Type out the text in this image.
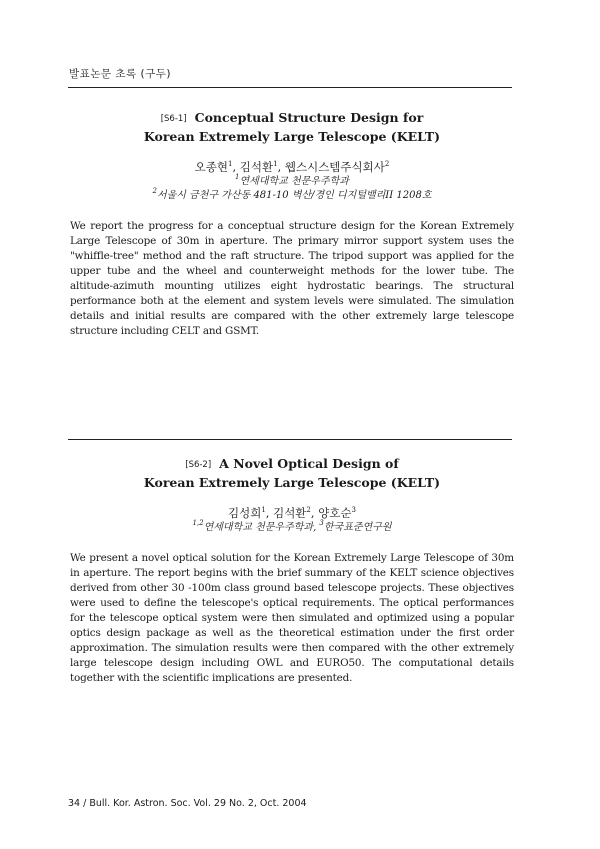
발표논문 초록 (구두)
[S6-1] Conceptual Structure Design for
Korean Extremely Large Telescope (KELT)
오종현$^1$, 김석환$^1$, 웹스시스템주식회사$^2$
$^1$연세대학교 천문우주학과
$^2$서울시 금천구 가산동 481-10 벽산/경인 디지털밸리II 1208호
We report the progress for a conceptual structure design for the Korean Extremely Large Telescope of 30m in aperture. The primary mirror support system uses the "whiffle-tree" method and the raft structure. The tripod support was applied for the upper tube and the wheel and counterweight methods for the lower tube. The altitude-azimuth mounting utilizes eight hydrostatic bearings. The structural performance both at the element and system levels were simulated. The simulation details and initial results are compared with the other extremely large telescope structure including CELT and GSMT.
[S6-2] A Novel Optical Design of
Korean Extremely Large Telescope (KELT)
김성희$^1$, 김석환$^2$, 양호순$^3$
$^{1,2}$연세대학교 천문우주학과, $^3$한국표준연구원
We present a novel optical solution for the Korean Extremely Large Telescope of 30m in aperture. The report begins with the brief summary of the KELT science objectives derived from other 30 -100m class ground based telescope projects. These objectives were used to define the telescope's optical requirements. The optical performances for the telescope optical system were then simulated and optimized using a popular optics design package as well as the theoretical estimation under the first order approximation. The simulation results were then compared with the other extremely large telescope design including OWL and EURO50. The computational details together with the scientific implications are presented.
34 / Bull. Kor. Astron. Soc. Vol. 29 No. 2, Oct. 2004
